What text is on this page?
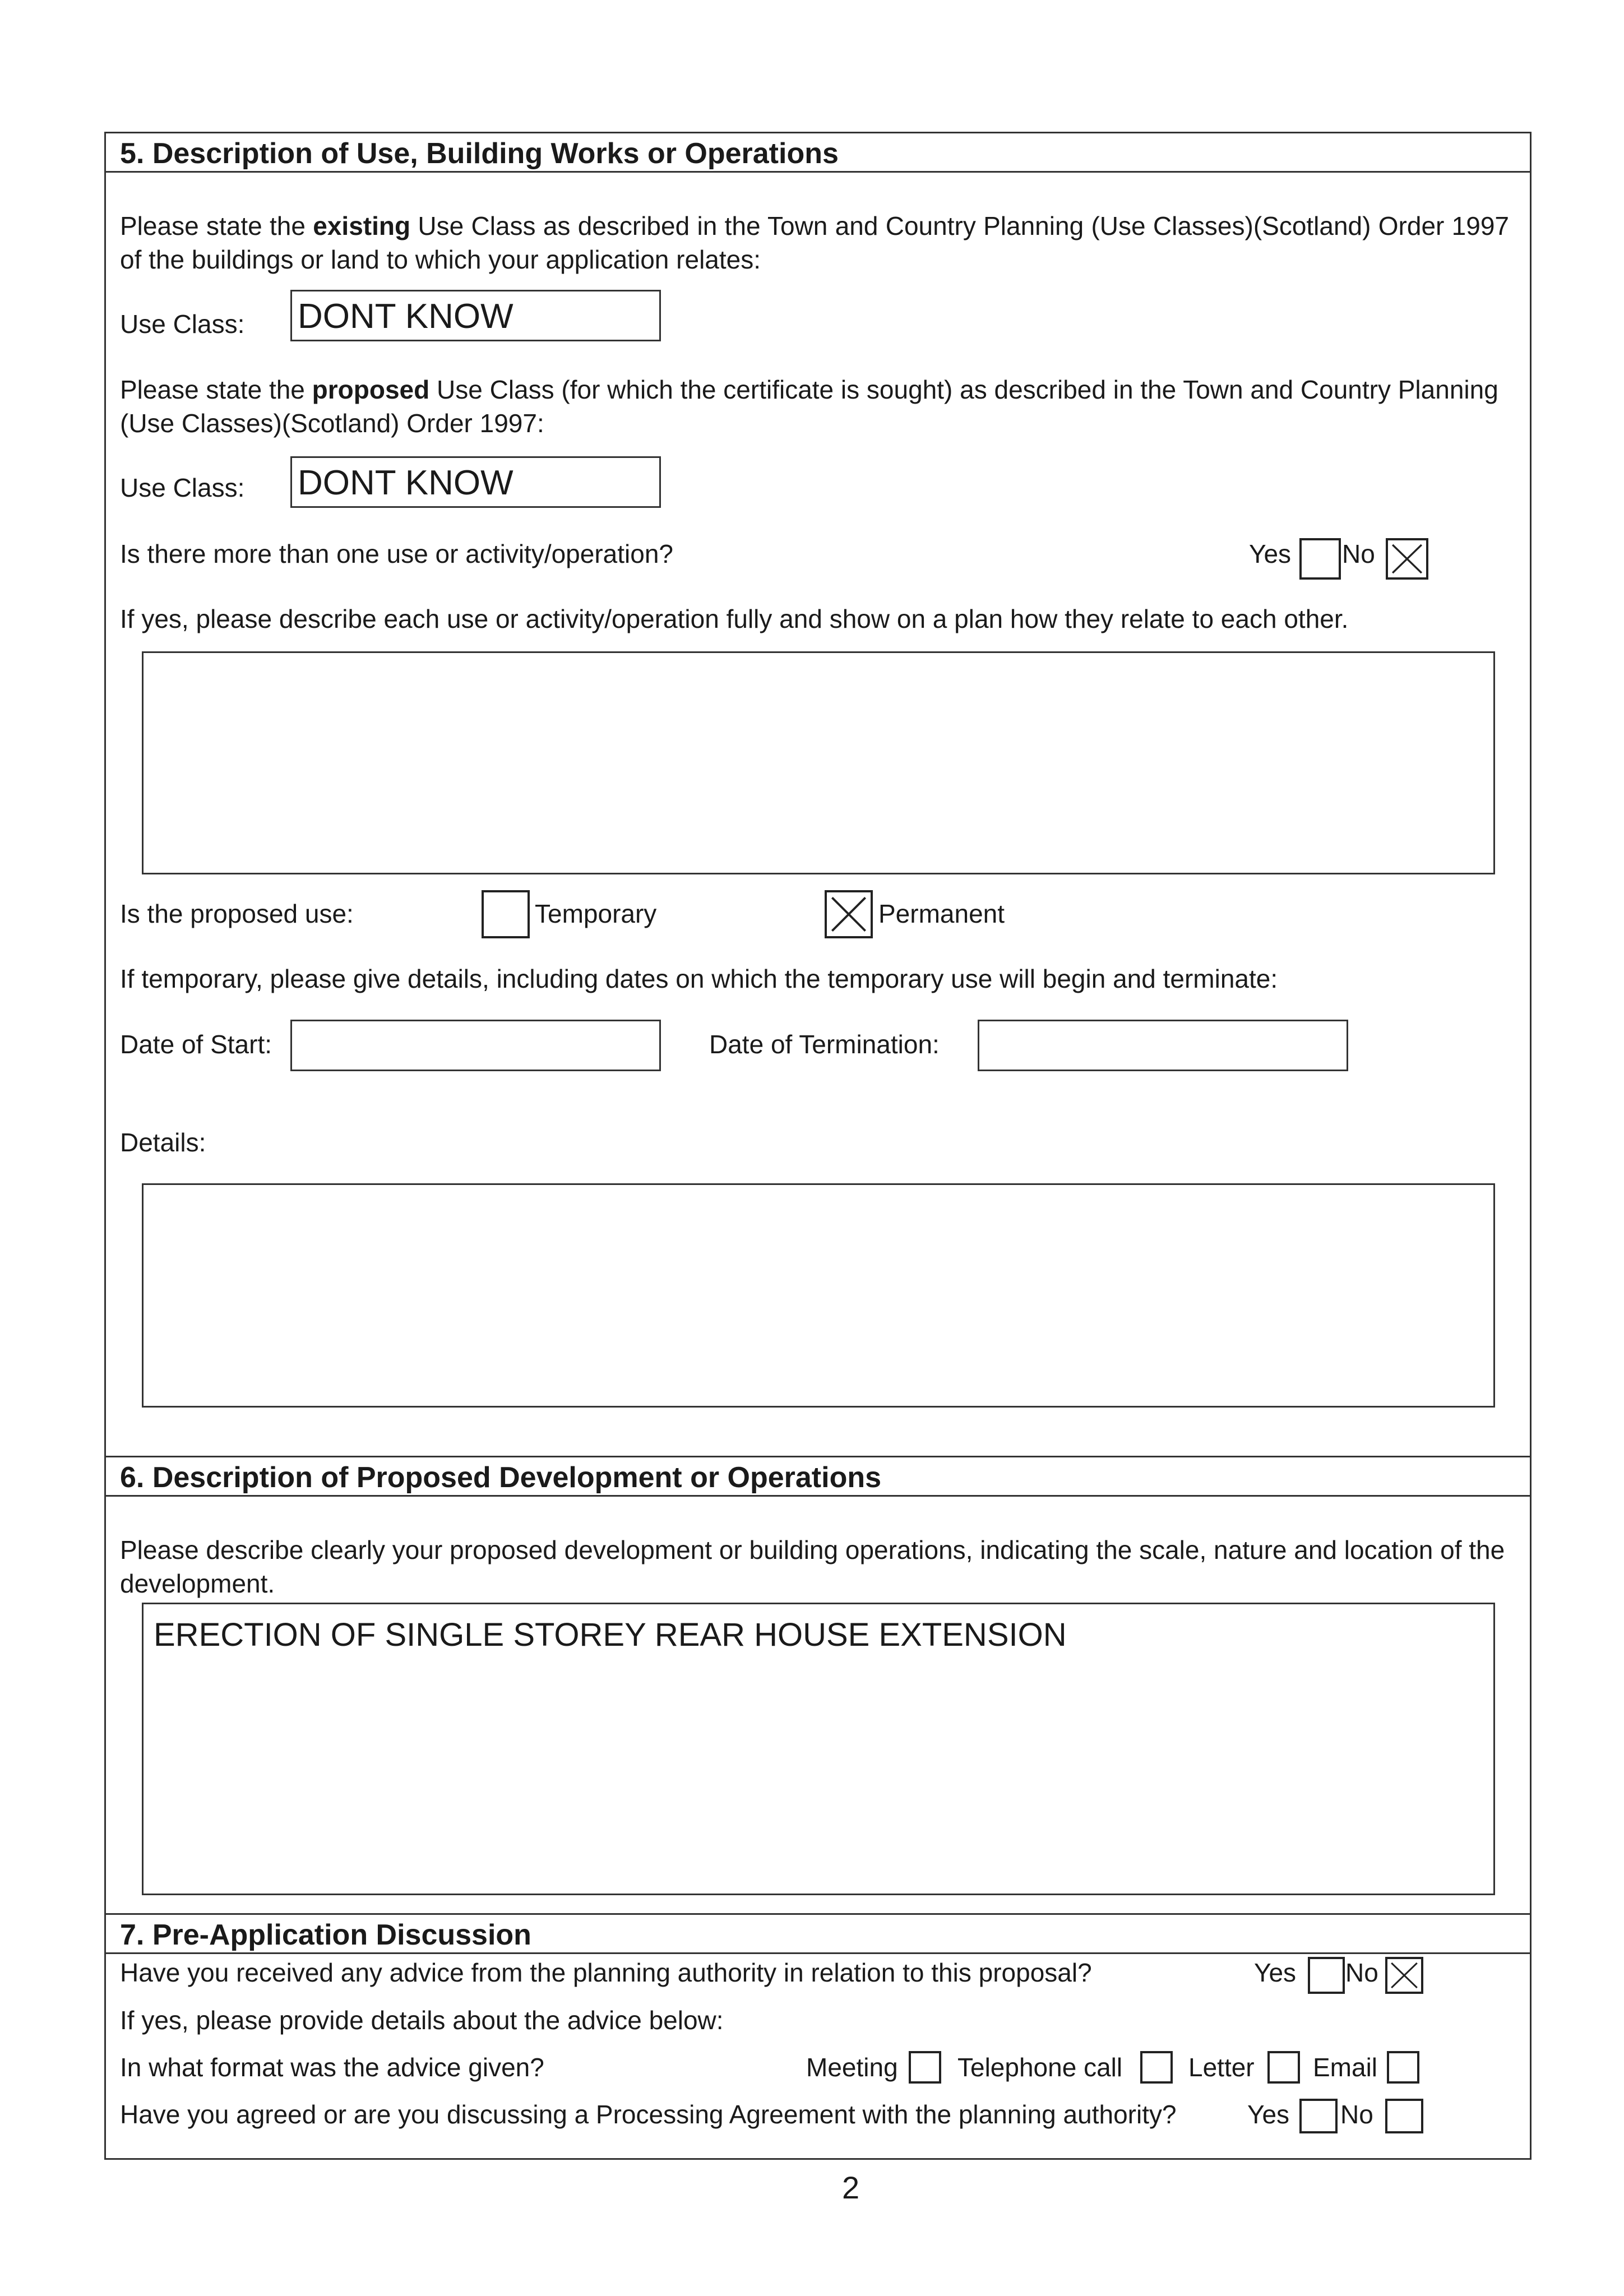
5. Description of Use, Building Works or Operations
Please state the existing Use Class as described in the Town and Country Planning (Use Classes)(Scotland) Order 1997 of the buildings or land to which your application relates:
Use Class: DONT KNOW
Please state the proposed Use Class (for which the certificate is sought) as described in the Town and Country Planning (Use Classes)(Scotland) Order 1997:
Use Class: DONT KNOW
Is there more than one use or activity/operation?	Yes No
If yes, please describe each use or activity/operation fully and show on a plan how they relate to each other.
Is the proposed use:	Temporary	Permanent
If temporary, please give details, including dates on which the temporary use will begin and terminate:
Date of Start:	Date of Termination:
Details:
6. Description of Proposed Development or Operations
Please describe clearly your proposed development or building operations, indicating the scale, nature and location of the development.
ERECTION OF SINGLE STOREY REAR HOUSE EXTENSION
7. Pre-Application Discussion
Have you received any advice from the planning authority in relation to this proposal?	Yes No
If yes, please provide details about the advice below:
In what format was the advice given?	Meeting Telephone call	Letter Email
Have you agreed or are you discussing a Processing Agreement with the planning authority?	Yes No
2
